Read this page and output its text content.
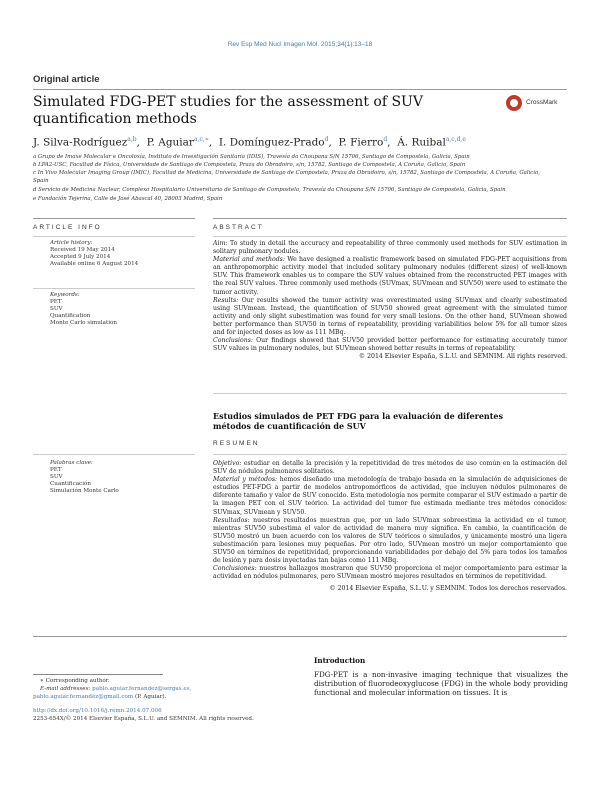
Rev Esp Med Nucl Imagen Mol. 2015;34(1):13–18
Original article
Simulated FDG-PET studies for the assessment of SUV quantification methods
CrossMark
J. Silva-Rodríguez$^{a,b}$,  P. Aguiar$^{a,c,∗}$,  I. Domínguez-Prado$^d$,  P. Fierro$^d$,  Á. Ruibal$^{a,c,d,e}$
a Grupo de Imaxe Molecular e Oncoloxía, Instituto de Investigación Sanitaria (IDIS), Travesía da Choupana S/N 15706, Santiago de Compostela, Galicia, Spain
b LPA2-USC, Facultad de Física, Universidade de Santiago de Compostela, Praza do Obradoiro, s/n, 15782, Santiago de Compostela, A Coruña, Galicia, Spain
c In Vivo Molecular Imaging Group (IMIC), Facultad de Medicina, Universidade de Santiago de Compostela, Praza do Obradoiro, s/n, 15782, Santiago de Compostela, A Coruña, Galicia,
Spain
d Servicio de Medicina Nuclear, Complexo Hospitalario Universitario de Santiago de Compostela, Travesía da Choupana S/N 15706, Santiago de Compostela, Galicia, Spain
e Fundación Tejerina, Calle de José Abascal 40, 28003 Madrid, Spain
ARTICLE INFO
Article history:
Received 19 May 2014
Accepted 9 July 2014
Available online 6 August 2014
Keywords:
PET
SUV
Quantification
Monte Carlo simulation
ABSTRACT

Aim: To study in detail the accuracy and repeatability of three commonly used methods for SUV estimation in solitary pulmonary nodules.

Material and methods: We have designed a realistic framework based on simulated FDG-PET acquisitions from an anthropomorphic activity model that included solitary pulmonary nodules (different sizes) of well-known SUV. This framework enables us to compare the SUV values obtained from the reconstructed PET images with the real SUV values. Three commonly used methods (SUVmax, SUVmean and SUV50) were used to estimate the tumor activity.

Results: Our results showed the tumor activity was overestimated using SUVmax and clearly subestimated using SUVmean. Instead, the quantification of SUV50 showed great agreement with the simulated tumor activity and only slight subestimation was found for very small lesions. On the other hand, SUVmean showed better performance than SUV50 in terms of repeatability, providing variabilities below 5% for all tumor sizes and for injected doses as low as 111 MBq.

Conclusions: Our findings showed that SUV50 provided better performance for estimating accurately tumor SUV values in pulmonary nodules, but SUVmean showed better results in terms of repeatability.

© 2014 Elsevier España, S.L.U. and SEMNIM. All rights reserved.

Estudios simulados de PET FDG para la evaluación de diferentes métodos de cuantificación de SUV
RESUMEN
Palabras clave:
PET
SUV
Cuantificación
Simulación Monte Carlo

Objetivo: estudiar en detalle la precisión y la repetitividad de tres métodos de uso común en la estimación del SUV de nódulos pulmonares solitarios.

Material y métodos: hemos diseñado una metodología de trabajo basada en la simulación de adquisiciones de estudios PET-FDG a partir de modelos antropomórficos de actividad, que incluyen nódulos pulmonares de diferente tamaño y valor de SUV conocido. Esta metodología nos permite comparar el SUV estimado a partir de la imagen PET con el SUV teórico. La actividad del tumor fue estimada mediante tres métodos conocidos: SUVmax, SUVmean y SUV50.

Resultados: nuestros resultados muestran que, por un lado SUVmax sobreestima la actividad en el tumor, mientras SUV50 subestima el valor de actividad de manera muy significa. En cambio, la cuantificación de SUV50 mostró un buen acuerdo con los valores de SUV teóricos o simulados, y únicamente mostró una ligera subestimación para lesiones muy pequeñas. Por otro lado, SUVmean mostró un mejor comportamiento que SUV50 en términos de repetitividad, proporcionando variabilidades por debajo del 5% para todos los tamaños de lesión y para dosis inyectadas tan bajas como 111 MBq.

Conclusiones: nuestros hallazgos mostraron que SUV50 proporciona el mejor comportamiento para estimar la actividad en nódulos pulmonares, pero SUVmean mostró mejores resultados en términos de repetitividad.

© 2014 Elsevier España, S.L.U. y SEMNIM. Todos los derechos reservados.

Introduction
FDG-PET is a non-invasive imaging technique that visualizes the distribution of fluorodeoxyglucose (FDG) in the whole body providing functional and molecular information on tissues. It is
∗ Corresponding author.
E-mail addresses: pablo.aguiar.fernandez@sergas.es,
pablo.aguiar.fernandez@gmail.com (P. Aguiar).
http://dx.doi.org/10.1016/j.remn.2014.07.006
2253-654X/© 2014 Elsevier España, S.L.U. and SEMNIM. All rights reserved.
